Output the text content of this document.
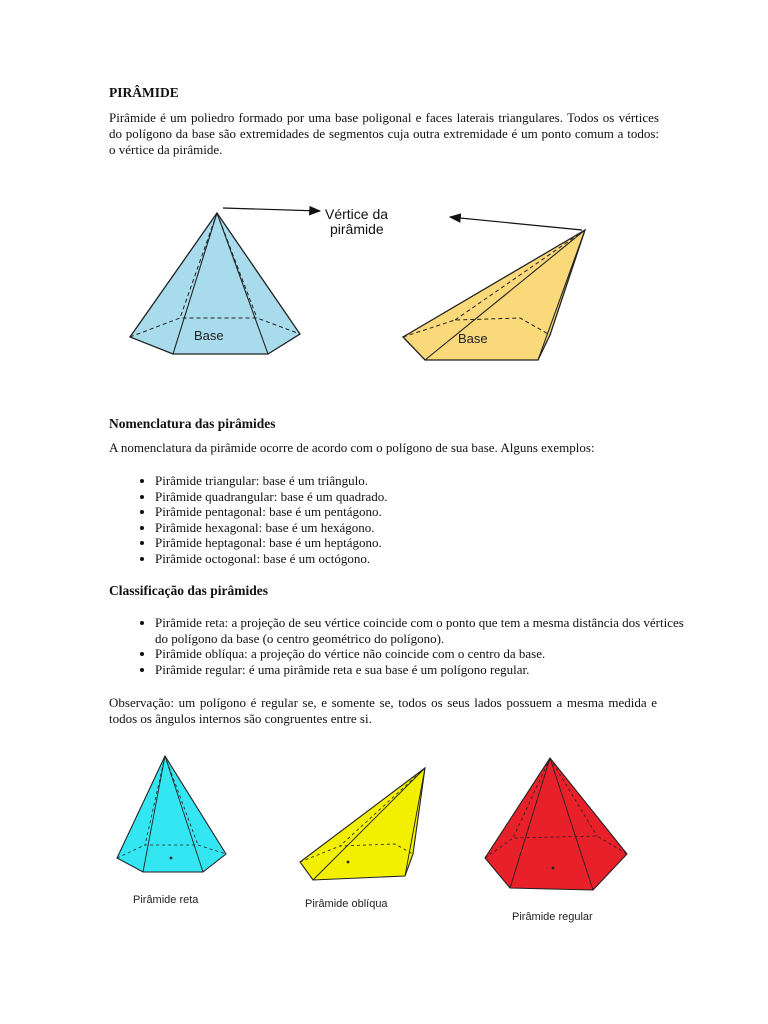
PIRÂMIDE

Pirâmide é um poliedro formado por uma base poligonal e faces laterais triangulares. Todos os vértices do polígono da base são extremidades de segmentos cuja outra extremidade é um ponto comum a todos: o vértice da pirâmide.

Base	Base
Vértice da
pirâmide
Nomenclatura das pirâmides

A nomenclatura da pirâmide ocorre de acordo com o polígono de sua base. Alguns exemplos:

• Pirâmide triangular: base é um triângulo.
• Pirâmide quadrangular: base é um quadrado.
• Pirâmide pentagonal: base é um pentágono.
• Pirâmide hexagonal: base é um hexágono.
• Pirâmide heptagonal: base é um heptágono.
• Pirâmide octogonal: base é um octógono.
Classificação das pirâmides
• Pirâmide reta: a projeção de seu vértice coincide com o ponto que tem a mesma distância dos vértices do polígono da base (o centro geométrico do polígono).
• Pirâmide oblíqua: a projeção do vértice não coincide com o centro da base.
• Pirâmide regular: é uma pirâmide reta e sua base é um polígono regular.

Observação: um polígono é regular se, e somente se, todos os seus lados possuem a mesma medida e todos os ângulos internos são congruentes entre si.

Pirâmide reta	Pirâmide oblíqua
Pirâmide regular
